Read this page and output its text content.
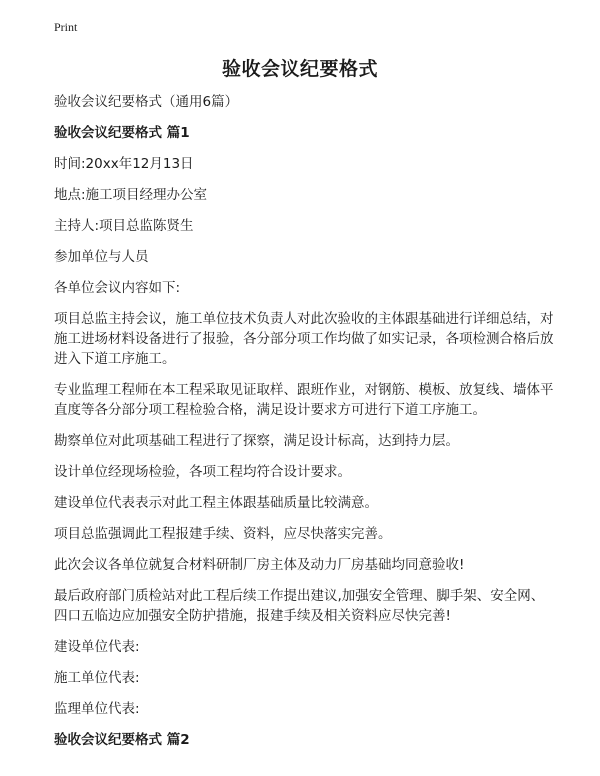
Print
验收会议纪要格式
验收会议纪要格式（通用6篇）
验收会议纪要格式 篇1
时间:20xx年12月13日
地点:施工项目经理办公室
主持人:项目总监陈贤生
参加单位与人员
各单位会议内容如下:
项目总监主持会议，施工单位技术负责人对此次验收的主体跟基础进行详细总结，对施工进场材料设备进行了报验，各分部分项工作均做了如实记录，各项检测合格后放进入下道工序施工。
专业监理工程师在本工程采取见证取样、跟班作业，对钢筋、模板、放复线、墙体平直度等各分部分项工程检验合格，满足设计要求方可进行下道工序施工。
勘察单位对此项基础工程进行了探察，满足设计标高，达到持力层。
设计单位经现场检验，各项工程均符合设计要求。
建设单位代表表示对此工程主体跟基础质量比较满意。
项目总监强调此工程报建手续、资料，应尽快落实完善。
此次会议各单位就复合材料研制厂房主体及动力厂房基础均同意验收!
最后政府部门质检站对此工程后续工作提出建议,加强安全管理、脚手架、安全网、四口五临边应加强安全防护措施，报建手续及相关资料应尽快完善!
建设单位代表:
施工单位代表:
监理单位代表:
验收会议纪要格式 篇2
